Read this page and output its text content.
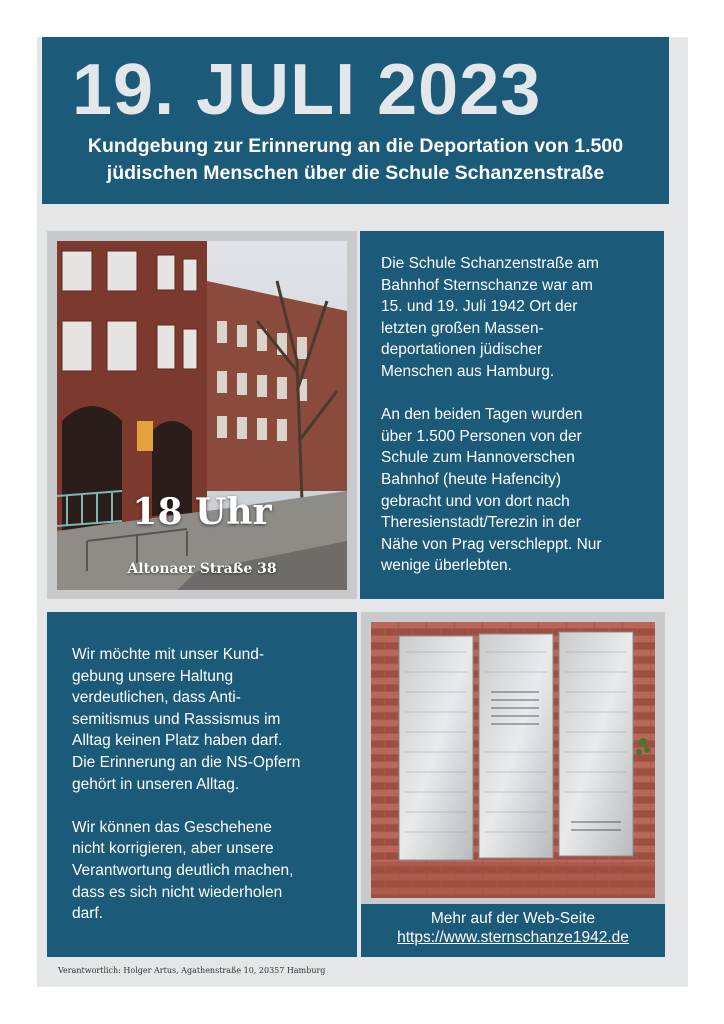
19. JULI 2023
Kundgebung zur Erinnerung an die Deportation von 1.500
jüdischen Menschen über die Schule Schanzenstraße
18 Uhr
Altonaer Straße 38

Die Schule Schanzenstraße am
Bahnhof Sternschanze war am
15. und 19. Juli 1942 Ort der
letzten großen Massen-
deportationen jüdischer
Menschen aus Hamburg.

An den beiden Tagen wurden
über 1.500 Personen von der
Schule zum Hannoverschen
Bahnhof (heute Hafencity)
gebracht und von dort nach
Theresienstadt/Terezin in der
Nähe von Prag verschleppt. Nur
wenige überlebten.

Wir möchte mit unser Kund-
gebung unsere Haltung
verdeutlichen, dass Anti-
semitismus und Rassismus im
Alltag keinen Platz haben darf.
Die Erinnerung an die NS-Opfern
gehört in unseren Alltag.

Wir können das Geschehene
nicht korrigieren, aber unsere
Verantwortung deutlich machen,
dass es sich nicht wiederholen
darf.	Mehr auf der Web-Seite
https://www.sternschanze1942.de
Verantwortlich: Holger Artus, Agathenstraße 10, 20357 Hamburg
